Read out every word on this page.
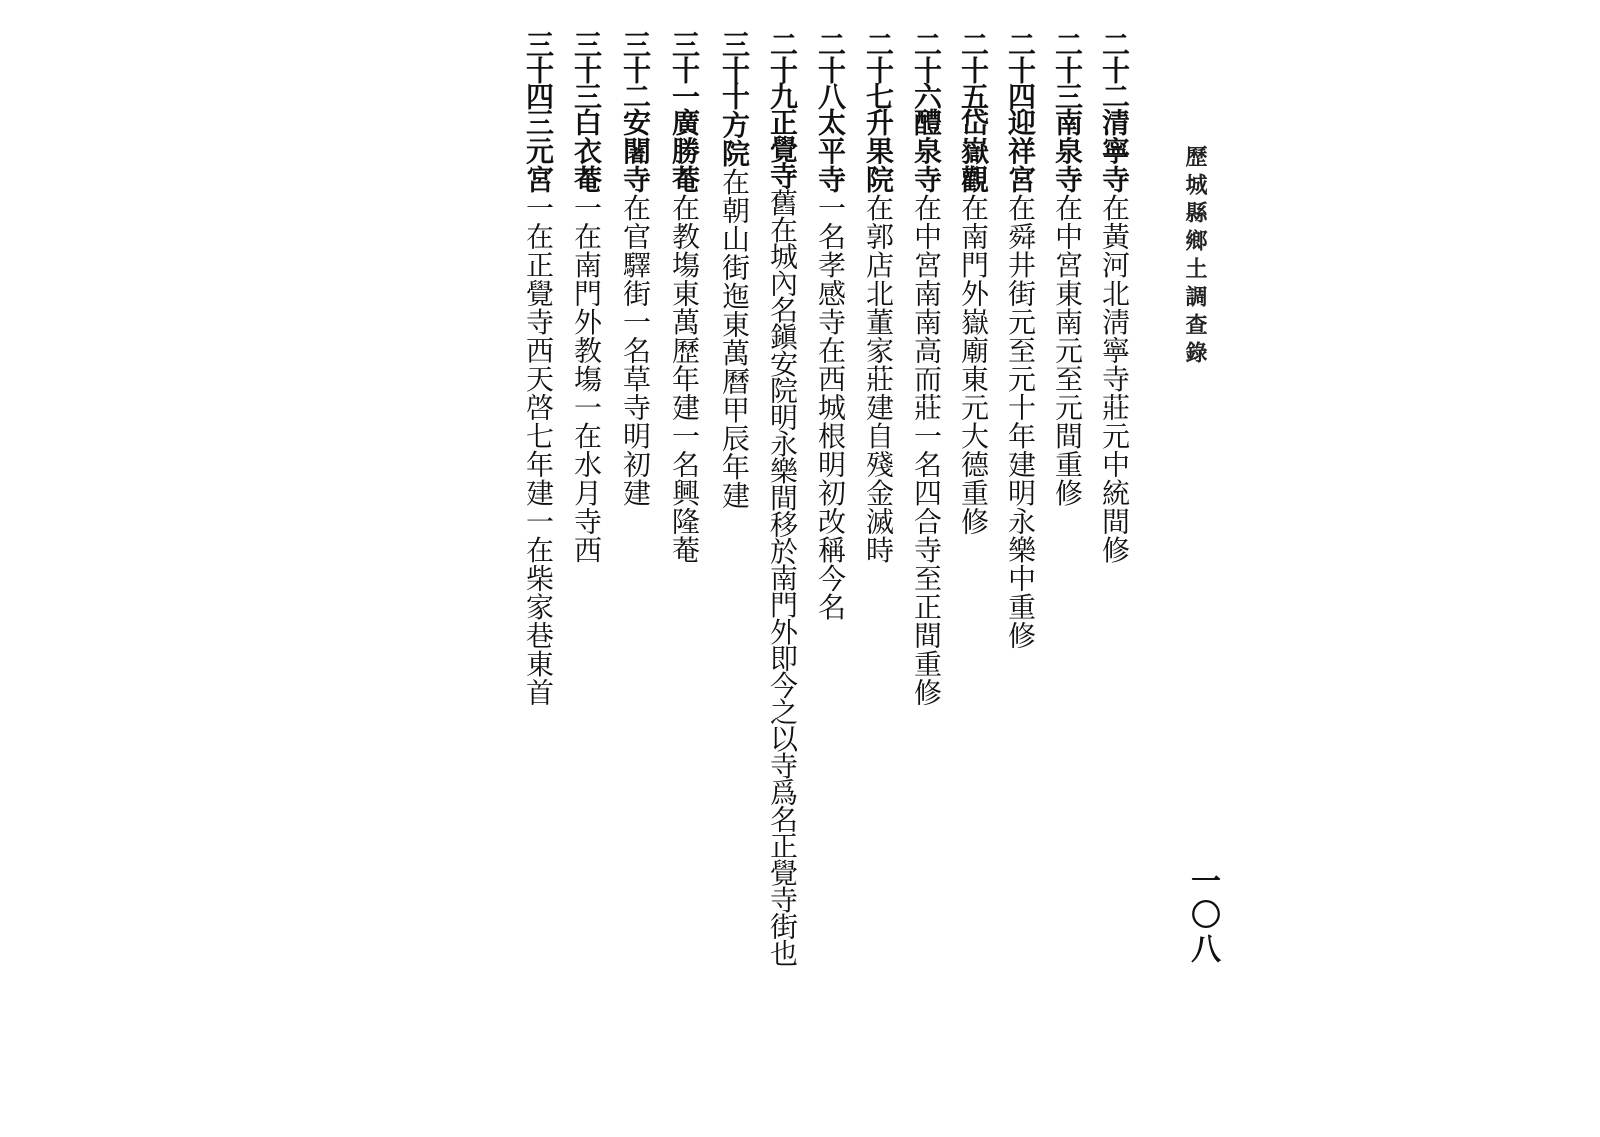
歷城縣鄉土調查錄
一〇八
二十二清寧寺在黃河北淸寧寺莊元中統間修
二十三南泉寺在中宮東南元至元間重修
二十四迎祥宮在舜井街元至元十年建明永樂中重修
二十五岱嶽觀在南門外嶽廟東元大德重修
二十六醴泉寺在中宮南南高而莊一名四合寺至正間重修
二十七升果院在郭店北董家莊建自殘金滅時
二十八太平寺一名孝感寺在西城根明初改稱今名
二十九正覺寺舊在城內名鎭安院明永樂間移於南門外即今之以寺爲名正覺寺街也
三十十方院在朝山街迤東萬曆甲辰年建
三十一廣勝菴在教塲東萬歷年建一名興隆菴
三十二安闍寺在官驛街一名草寺明初建
三十三白衣菴一在南門外教塲一在水月寺西
三十四三元宮一在正覺寺西天啓七年建一在柴家巷東首
